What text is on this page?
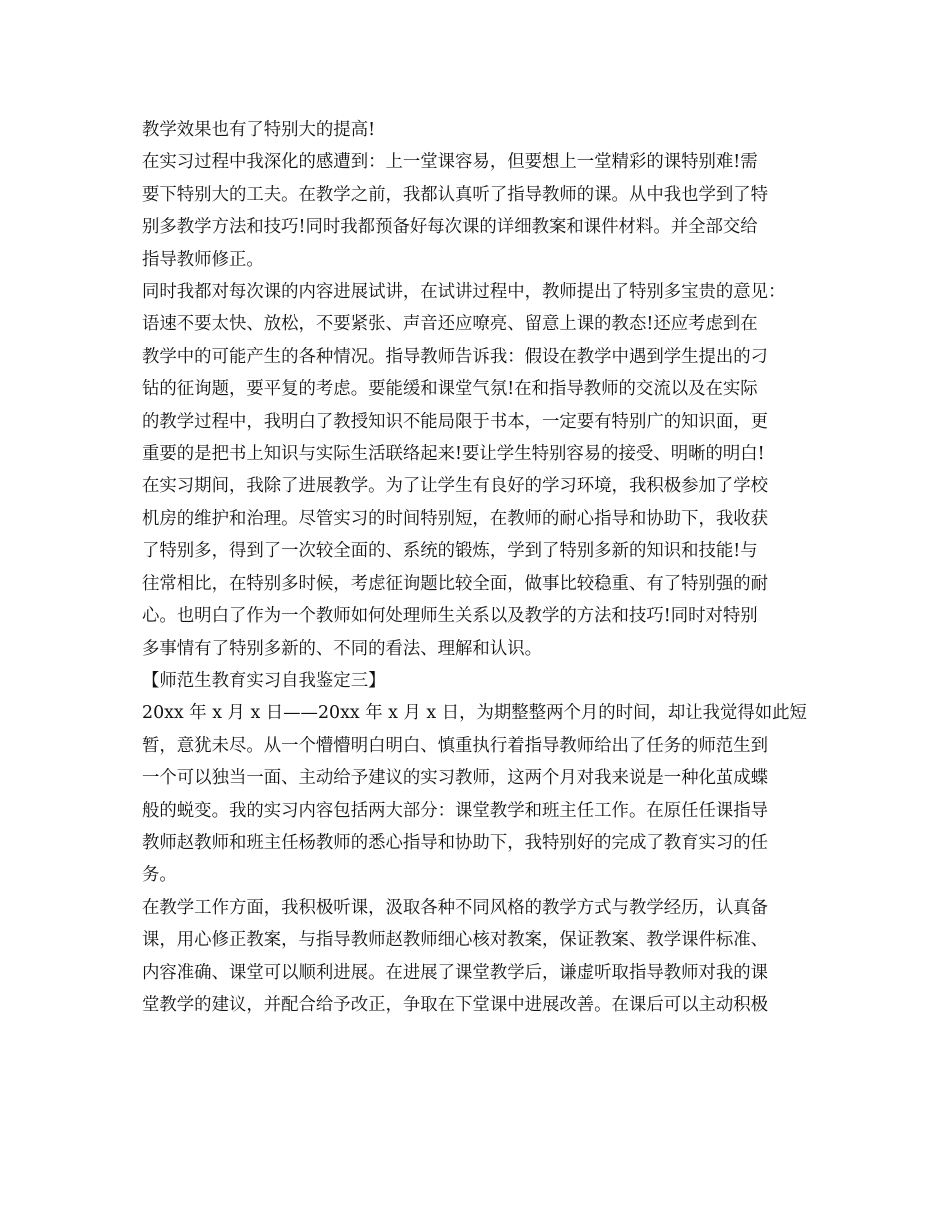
教学效果也有了特别大的提高!

在实习过程中我深化的感遭到：上一堂课容易，但要想上一堂精彩的课特别难!需

要下特别大的工夫。在教学之前，我都认真听了指导教师的课。从中我也学到了特

别多教学方法和技巧!同时我都预备好每次课的详细教案和课件材料。并全部交给

指导教师修正。

同时我都对每次课的内容进展试讲，在试讲过程中，教师提出了特别多宝贵的意见：

语速不要太快、放松，不要紧张、声音还应嘹亮、留意上课的教态!还应考虑到在

教学中的可能产生的各种情况。指导教师告诉我：假设在教学中遇到学生提出的刁

钻的征询题，要平复的考虑。要能缓和课堂气氛!在和指导教师的交流以及在实际

的教学过程中，我明白了教授知识不能局限于书本，一定要有特别广的知识面，更

重要的是把书上知识与实际生活联络起来!要让学生特别容易的接受、明晰的明白!

在实习期间，我除了进展教学。为了让学生有良好的学习环境，我积极参加了学校

机房的维护和治理。尽管实习的时间特别短，在教师的耐心指导和协助下，我收获

了特别多，得到了一次较全面的、系统的锻炼，学到了特别多新的知识和技能!与

往常相比，在特别多时候，考虑征询题比较全面，做事比较稳重、有了特别强的耐

心。也明白了作为一个教师如何处理师生关系以及教学的方法和技巧!同时对特别

多事情有了特别多新的、不同的看法、理解和认识。

【师范生教育实习自我鉴定三】

20xx 年 x 月 x 日——20xx 年 x 月 x 日，为期整整两个月的时间，却让我觉得如此短

暂，意犹未尽。从一个懵懵明白明白、慎重执行着指导教师给出了任务的师范生到

一个可以独当一面、主动给予建议的实习教师，这两个月对我来说是一种化茧成蝶

般的蜕变。我的实习内容包括两大部分：课堂教学和班主任工作。在原任任课指导

教师赵教师和班主任杨教师的悉心指导和协助下，我特别好的完成了教育实习的任

务。

在教学工作方面，我积极听课，汲取各种不同风格的教学方式与教学经历，认真备

课，用心修正教案，与指导教师赵教师细心核对教案，保证教案、教学课件标准、

内容准确、课堂可以顺利进展。在进展了课堂教学后，谦虚听取指导教师对我的课

堂教学的建议，并配合给予改正，争取在下堂课中进展改善。在课后可以主动积极
